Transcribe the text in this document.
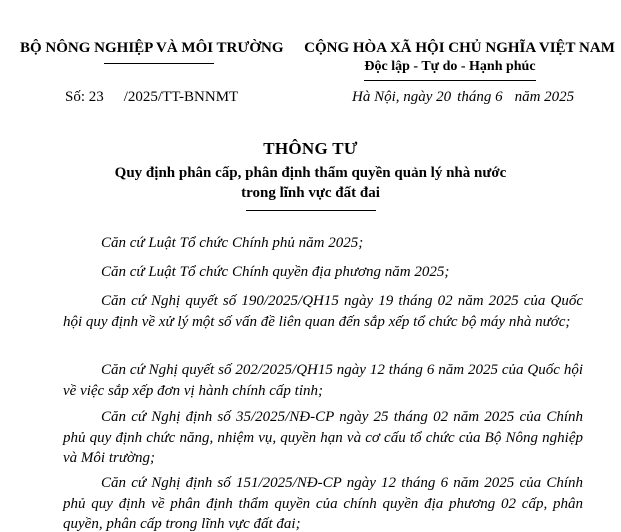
BỘ NÔNG NGHIỆP VÀ MÔI TRƯỜNG	CỘNG HÒA XÃ HỘI CHỦ NGHĨA VIỆT NAM
Độc lập - Tự do - Hạnh phúc
Số: 23 /2025/TT-BNNMT	Hà Nội, ngày 20 tháng 6 năm 2025
THÔNG TƯ
Quy định phân cấp, phân định thẩm quyền quản lý nhà nước
trong lĩnh vực đất đai

Căn cứ Luật Tổ chức Chính phủ năm 2025;

Căn cứ Luật Tổ chức Chính quyền địa phương năm 2025;

Căn cứ Nghị quyết số 190/2025/QH15 ngày 19 tháng 02 năm 2025 của Quốc hội quy định về xử lý một số vấn đề liên quan đến sắp xếp tổ chức bộ máy nhà nước;

Căn cứ Nghị quyết số 202/2025/QH15 ngày 12 tháng 6 năm 2025 của Quốc hội về việc sắp xếp đơn vị hành chính cấp tỉnh;

Căn cứ Nghị định số 35/2025/NĐ-CP ngày 25 tháng 02 năm 2025 của Chính phủ quy định chức năng, nhiệm vụ, quyền hạn và cơ cấu tổ chức của Bộ Nông nghiệp và Môi trường;

Căn cứ Nghị định số 151/2025/NĐ-CP ngày 12 tháng 6 năm 2025 của Chính phủ quy định về phân định thẩm quyền của chính quyền địa phương 02 cấp, phân quyền, phân cấp trong lĩnh vực đất đai;
